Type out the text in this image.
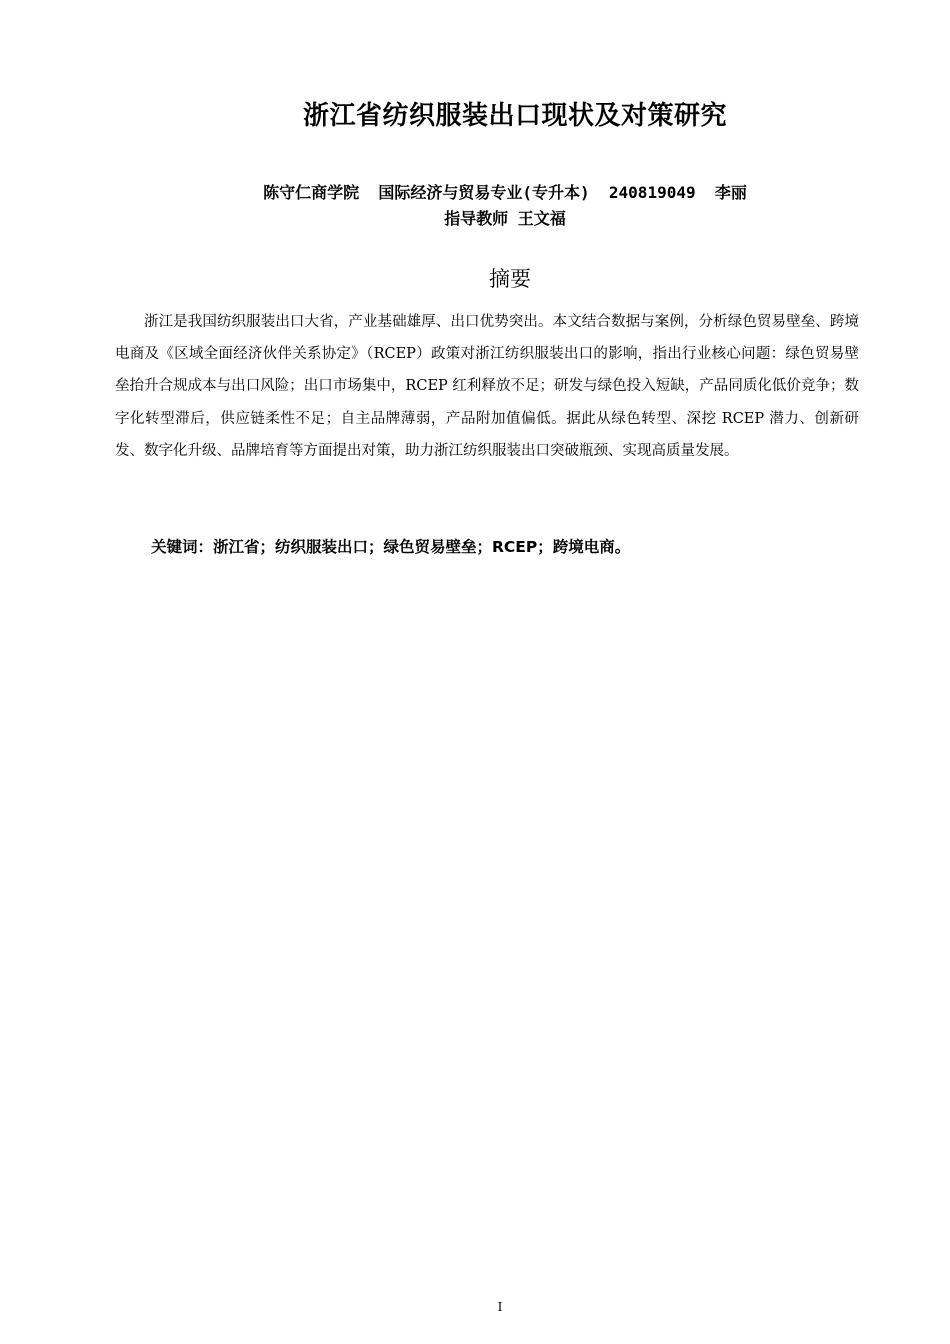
浙江省纺织服装出口现状及对策研究
陈守仁商学院  国际经济与贸易专业(专升本)  240819049  李丽
指导教师 王文福
摘要
浙江是我国纺织服装出口大省，产业基础雄厚、出口优势突出。本文结合数据与案例，分析绿色贸易壁垒、跨境电商及《区域全面经济伙伴关系协定》（RCEP）政策对浙江纺织服装出口的影响，指出行业核心问题：绿色贸易壁垒抬升合规成本与出口风险；出口市场集中，RCEP 红利释放不足；研发与绿色投入短缺，产品同质化低价竞争；数字化转型滞后，供应链柔性不足；自主品牌薄弱，产品附加值偏低。据此从绿色转型、深挖 RCEP 潜力、创新研发、数字化升级、品牌培育等方面提出对策，助力浙江纺织服装出口突破瓶颈、实现高质量发展。
关键词：浙江省；纺织服装出口；绿色贸易壁垒；RCEP；跨境电商。
I
